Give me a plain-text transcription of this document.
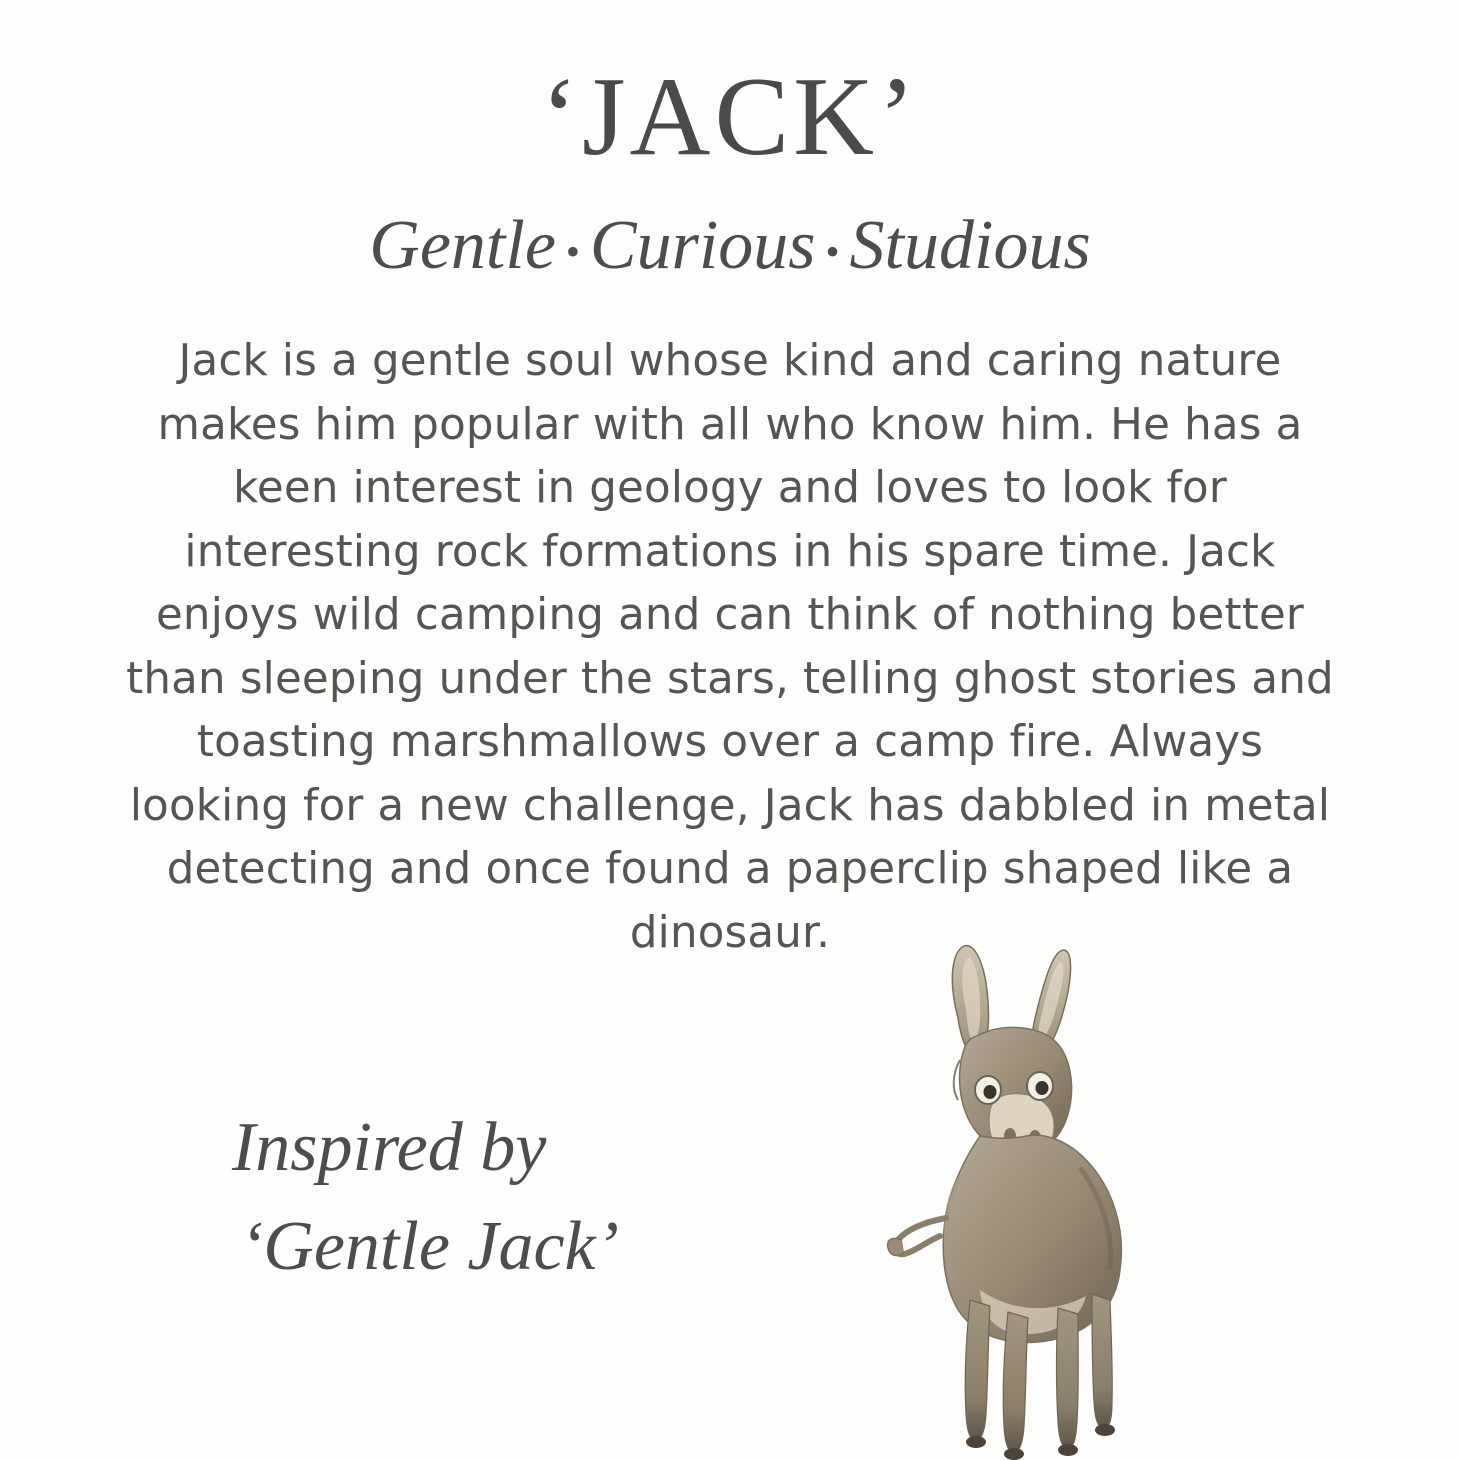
‘JACK’
Gentle • Curious • Studious

Jack is a gentle soul whose kind and caring nature makes him popular with all who know him. He has a keen interest in geology and loves to look for interesting rock formations in his spare time. Jack enjoys wild camping and can think of nothing better than sleeping under the stars, telling ghost stories and toasting marshmallows over a camp fire. Always looking for a new challenge, Jack has dabbled in metal detecting and once found a paperclip shaped like a dinosaur.

Inspired by
‘Gentle Jack’
